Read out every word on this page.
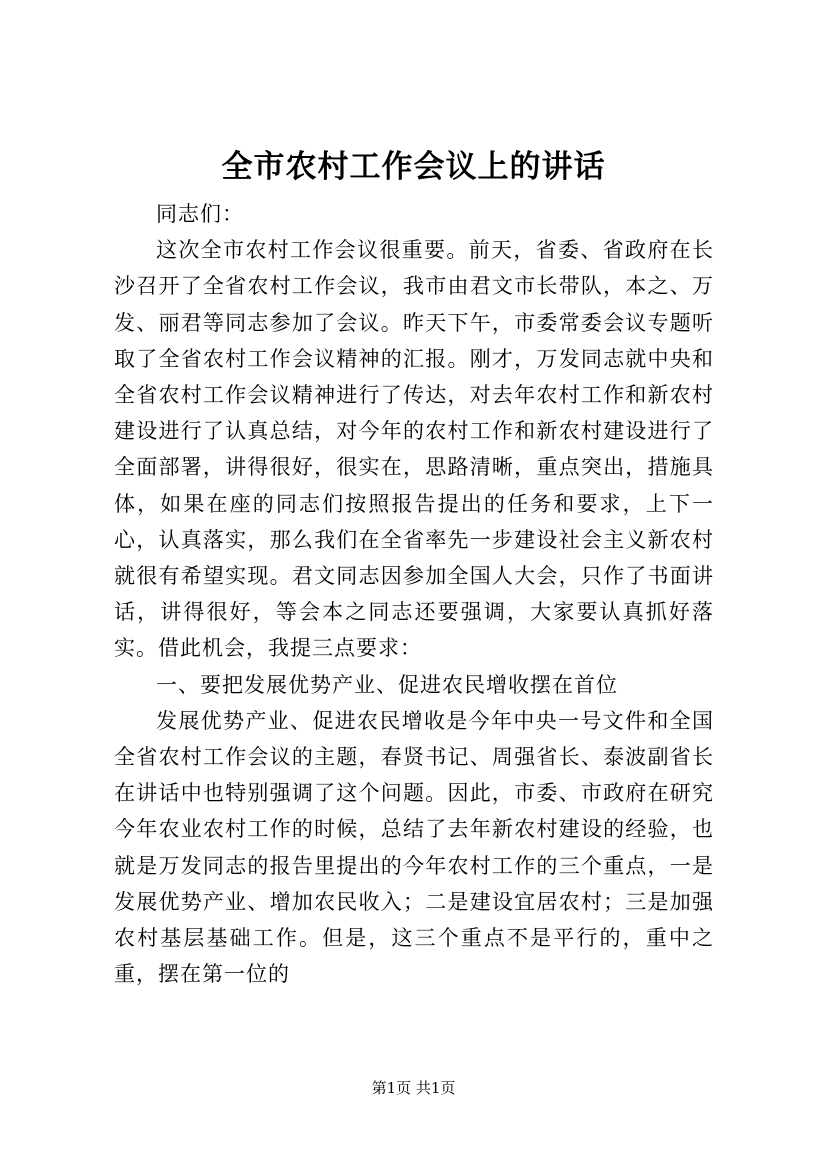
全市农村工作会议上的讲话

同志们：

这次全市农村工作会议很重要。前天，省委、省政府在长沙召开了全省农村工作会议，我市由君文市长带队，本之、万发、丽君等同志参加了会议。昨天下午，市委常委会议专题听取了全省农村工作会议精神的汇报。刚才，万发同志就中央和全省农村工作会议精神进行了传达，对去年农村工作和新农村建设进行了认真总结，对今年的农村工作和新农村建设进行了全面部署，讲得很好，很实在，思路清晰，重点突出，措施具体，如果在座的同志们按照报告提出的任务和要求，上下一心，认真落实，那么我们在全省率先一步建设社会主义新农村就很有希望实现。君文同志因参加全国人大会，只作了书面讲话，讲得很好，等会本之同志还要强调，大家要认真抓好落实。借此机会，我提三点要求：

一、要把发展优势产业、促进农民增收摆在首位

发展优势产业、促进农民增收是今年中央一号文件和全国全省农村工作会议的主题，春贤书记、周强省长、泰波副省长在讲话中也特别强调了这个问题。因此，市委、市政府在研究今年农业农村工作的时候，总结了去年新农村建设的经验，也就是万发同志的报告里提出的今年农村工作的三个重点，一是发展优势产业、增加农民收入；二是建设宜居农村；三是加强农村基层基础工作。但是，这三个重点不是平行的，重中之重，摆在第一位的

第1页 共1页
